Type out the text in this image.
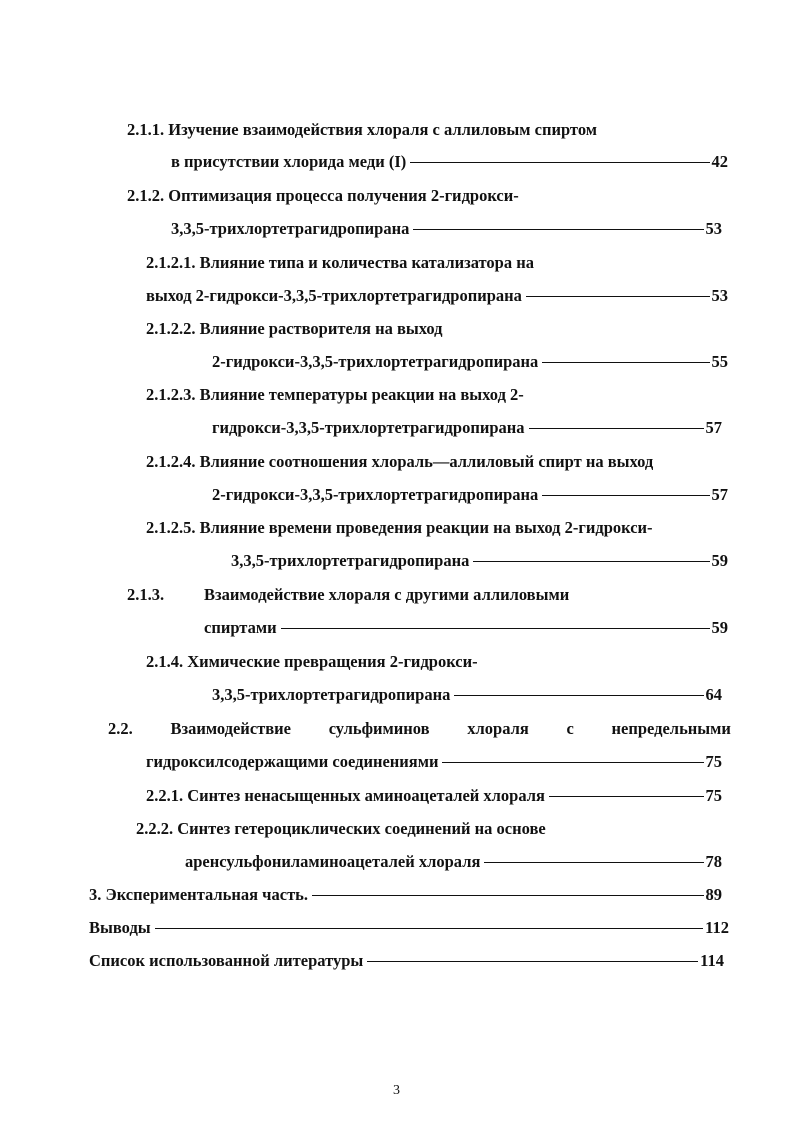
2.1.1. Изучение взаимодействия хлораля с аллиловым спиртом
в присутствии хлорида меди (I)	42
2.1.2. Оптимизация процесса получения 2-гидрокси-
3,3,5-трихлортетрагидропирана	53
2.1.2.1. Влияние типа и количества катализатора на
выход 2-гидрокси-3,3,5-трихлортетрагидропирана	53
2.1.2.2. Влияние растворителя на выход
2-гидрокси-3,3,5-трихлортетрагидропирана	55
2.1.2.3. Влияние температуры реакции на выход 2-
гидрокси-3,3,5-трихлортетрагидропирана	57
2.1.2.4. Влияние соотношения хлораль—аллиловый спирт на выход
2-гидрокси-3,3,5-трихлортетрагидропирана	57
2.1.2.5. Влияние времени проведения реакции на выход 2-гидрокси-
3,3,5-трихлортетрагидропирана	59
2.1.3. Взаимодействие хлораля с другими аллиловыми
спиртами	59
2.1.4. Химические превращения 2-гидрокси-
3,3,5-трихлортетрагидропирана	64
2.2. Взаимодействие сульфиминов хлораля с непредельными
гидроксилсодержащими соединениями	75
2.2.1. Синтез ненасыщенных аминоацеталей хлораля	75
2.2.2. Синтез гетероциклических соединений на основе
аренсульфониламиноацеталей хлораля	78
3. Экспериментальная часть.	89
Выводы	112
Список использованной литературы	114
3
